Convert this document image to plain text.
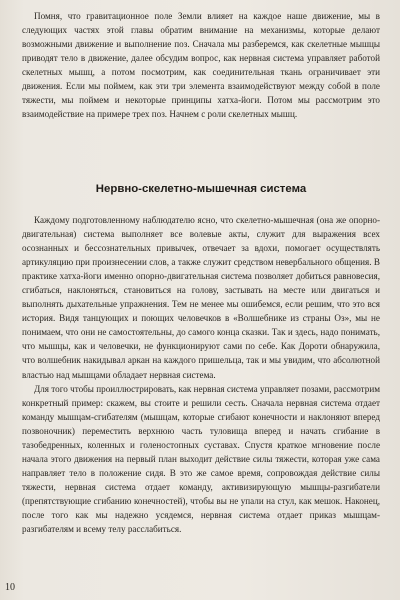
Помня, что гравитационное поле Земли влияет на каждое наше движение, мы в следующих частях этой главы обратим внимание на механизмы, которые делают возможными движение и выполнение поз. Сначала мы разберемся, как скелетные мышцы приводят тело в движение, далее обсудим вопрос, как нервная система управляет работой скелетных мышц, а потом посмотрим, как соединительная ткань ограничивает эти движения. Если мы поймем, как эти три элемента взаимодействуют между собой в поле тяжести, мы поймем и некоторые принципы хатха-йоги. Потом мы рассмотрим это взаимодействие на примере трех поз. Начнем с роли скелетных мышц.

Нервно-скелетно-мышечная система

Каждому подготовленному наблюдателю ясно, что скелетно-мышечная (она же опорно-двигательная) система выполняет все волевые акты, служит для выражения всех осознанных и бессознательных привычек, отвечает за вдохи, помогает осуществлять артикуляцию при произнесении слов, а также служит средством невербального общения. В практике хатха-йоги именно опорно-двигательная система позволяет добиться равновесия, сгибаться, наклоняться, становиться на голову, застывать на месте или двигаться и выполнять дыхательные упражнения. Тем не менее мы ошибемся, если решим, что это вся история. Видя танцующих и поющих человечков в «Волшебнике из страны Оз», мы не понимаем, что они не самостоятельны, до самого конца сказки. Так и здесь, надо понимать, что мышцы, как и человечки, не функционируют сами по себе. Как Дороти обнаружила, что волшебник накидывал аркан на каждого пришельца, так и мы увидим, что абсолютной властью над мышцами обладает нервная система.

Для того чтобы проиллюстрировать, как нервная система управляет позами, рассмотрим конкретный пример: скажем, вы стоите и решили сесть. Сначала нервная система отдает команду мышцам-сгибателям (мышцам, которые сгибают конечности и наклоняют вперед позвоночник) переместить верхнюю часть туловища вперед и начать сгибание в тазобедренных, коленных и голеностопных суставах. Спустя краткое мгновение после начала этого движения на первый план выходит действие силы тяжести, которая уже сама направляет тело в положение сидя. В это же самое время, сопровождая действие силы тяжести, нервная система отдает команду, активизирующую мышцы-разгибатели (препятствующие сгибанию конечностей), чтобы вы не упали на стул, как мешок. Наконец, после того как мы надежно усядемся, нервная система отдает приказ мышцам-разгибателям и всему телу расслабиться.

10
